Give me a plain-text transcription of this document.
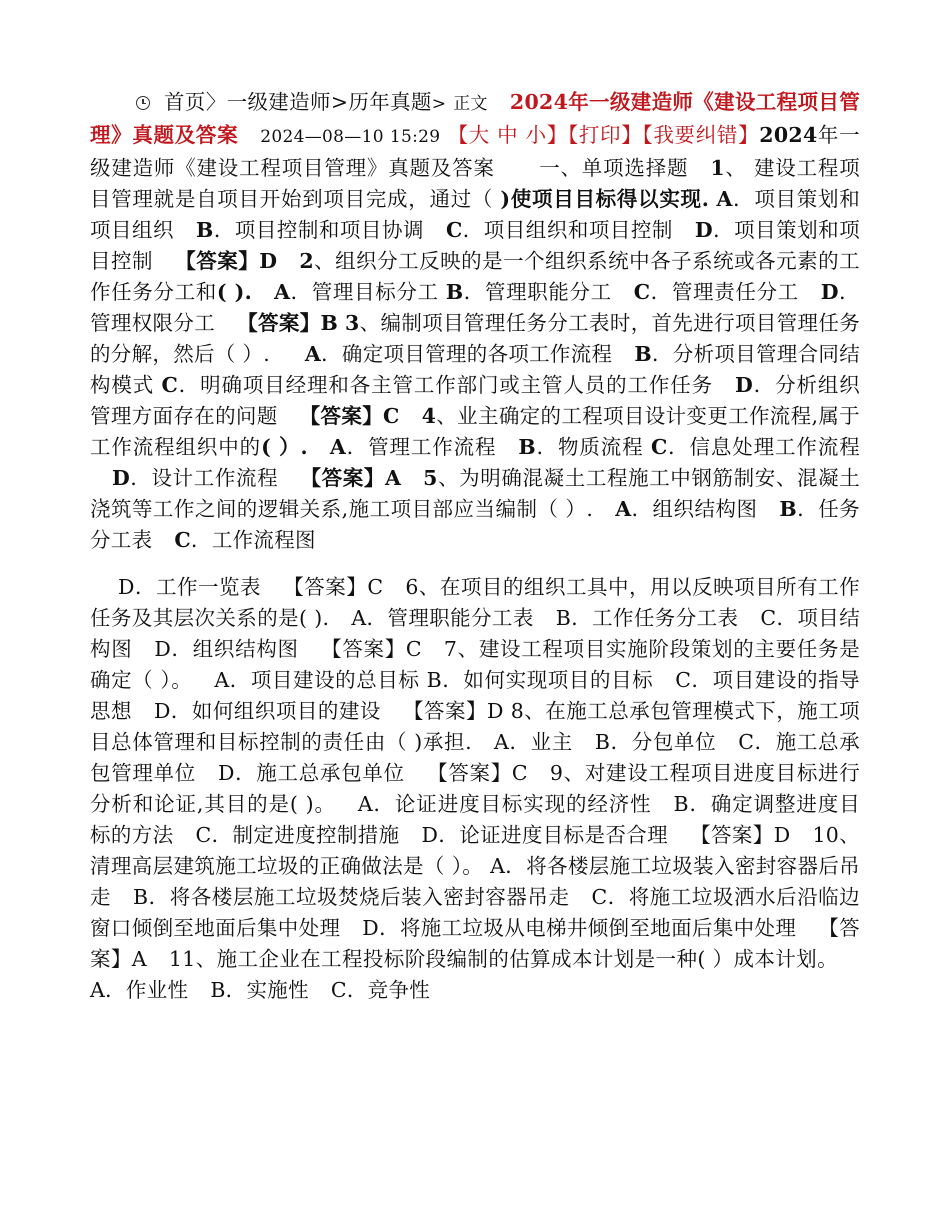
首页〉一级建造师>历年真题> 正文 2024年一级建造师《建设工程项目管理》真题及答案 2024—08—10 15:29 【大 中 小】【打印】【我要纠错】2024年一级建造师《建设工程项目管理》真题及答案 一、单项选择题 1、 建设工程项目管理就是自项目开始到项目完成，通过（ )使项目目标得以实现. A．项目策划和项目组织 B．项目控制和项目协调 C．项目组织和项目控制 D．项目策划和项目控制 【答案】D 2、组织分工反映的是一个组织系统中各子系统或各元素的工作任务分工和( ). A．管理目标分工 B．管理职能分工 C．管理责任分工 D．管理权限分工 【答案】B 3、编制项目管理任务分工表时，首先进行项目管理任务的分解，然后（ ）. A．确定项目管理的各项工作流程 B．分析项目管理合同结构模式 C．明确项目经理和各主管工作部门或主管人员的工作任务 D．分析组织管理方面存在的问题 【答案】C 4、业主确定的工程项目设计变更工作流程,属于工作流程组织中的( ）. A．管理工作流程 B．物质流程 C．信息处理工作流程D．设计工作流程 【答案】A 5、为明确混凝土工程施工中钢筋制安、混凝土浇筑等工作之间的逻辑关系,施工项目部应当编制（ ）. A．组织结构图 B．任务分工表 C．工作流程图

D．工作一览表 【答案】C 6、在项目的组织工具中，用以反映项目所有工作任务及其层次关系的是( ). A．管理职能分工表 B．工作任务分工表 C．项目结构图 D．组织结构图 【答案】C 7、建设工程项目实施阶段策划的主要任务是确定（ ）。 A．项目建设的总目标 B．如何实现项目的目标 C．项目建设的指导思想 D．如何组织项目的建设 【答案】D 8、在施工总承包管理模式下，施工项目总体管理和目标控制的责任由（ )承担. A．业主 B．分包单位 C．施工总承包管理单位 D．施工总承包单位 【答案】C 9、对建设工程项目进度目标进行分析和论证,其目的是( )。 A．论证进度目标实现的经济性 B．确定调整进度目标的方法 C．制定进度控制措施 D．论证进度目标是否合理 【答案】D 10、清理高层建筑施工垃圾的正确做法是（ ）。 A．将各楼层施工垃圾装入密封容器后吊走 B．将各楼层施工垃圾焚烧后装入密封容器吊走 C．将施工垃圾洒水后沿临边窗口倾倒至地面后集中处理 D．将施工垃圾从电梯井倾倒至地面后集中处理 【答案】A 11、施工企业在工程投标阶段编制的估算成本计划是一种( ）成本计划。A．作业性 B．实施性 C．竞争性
